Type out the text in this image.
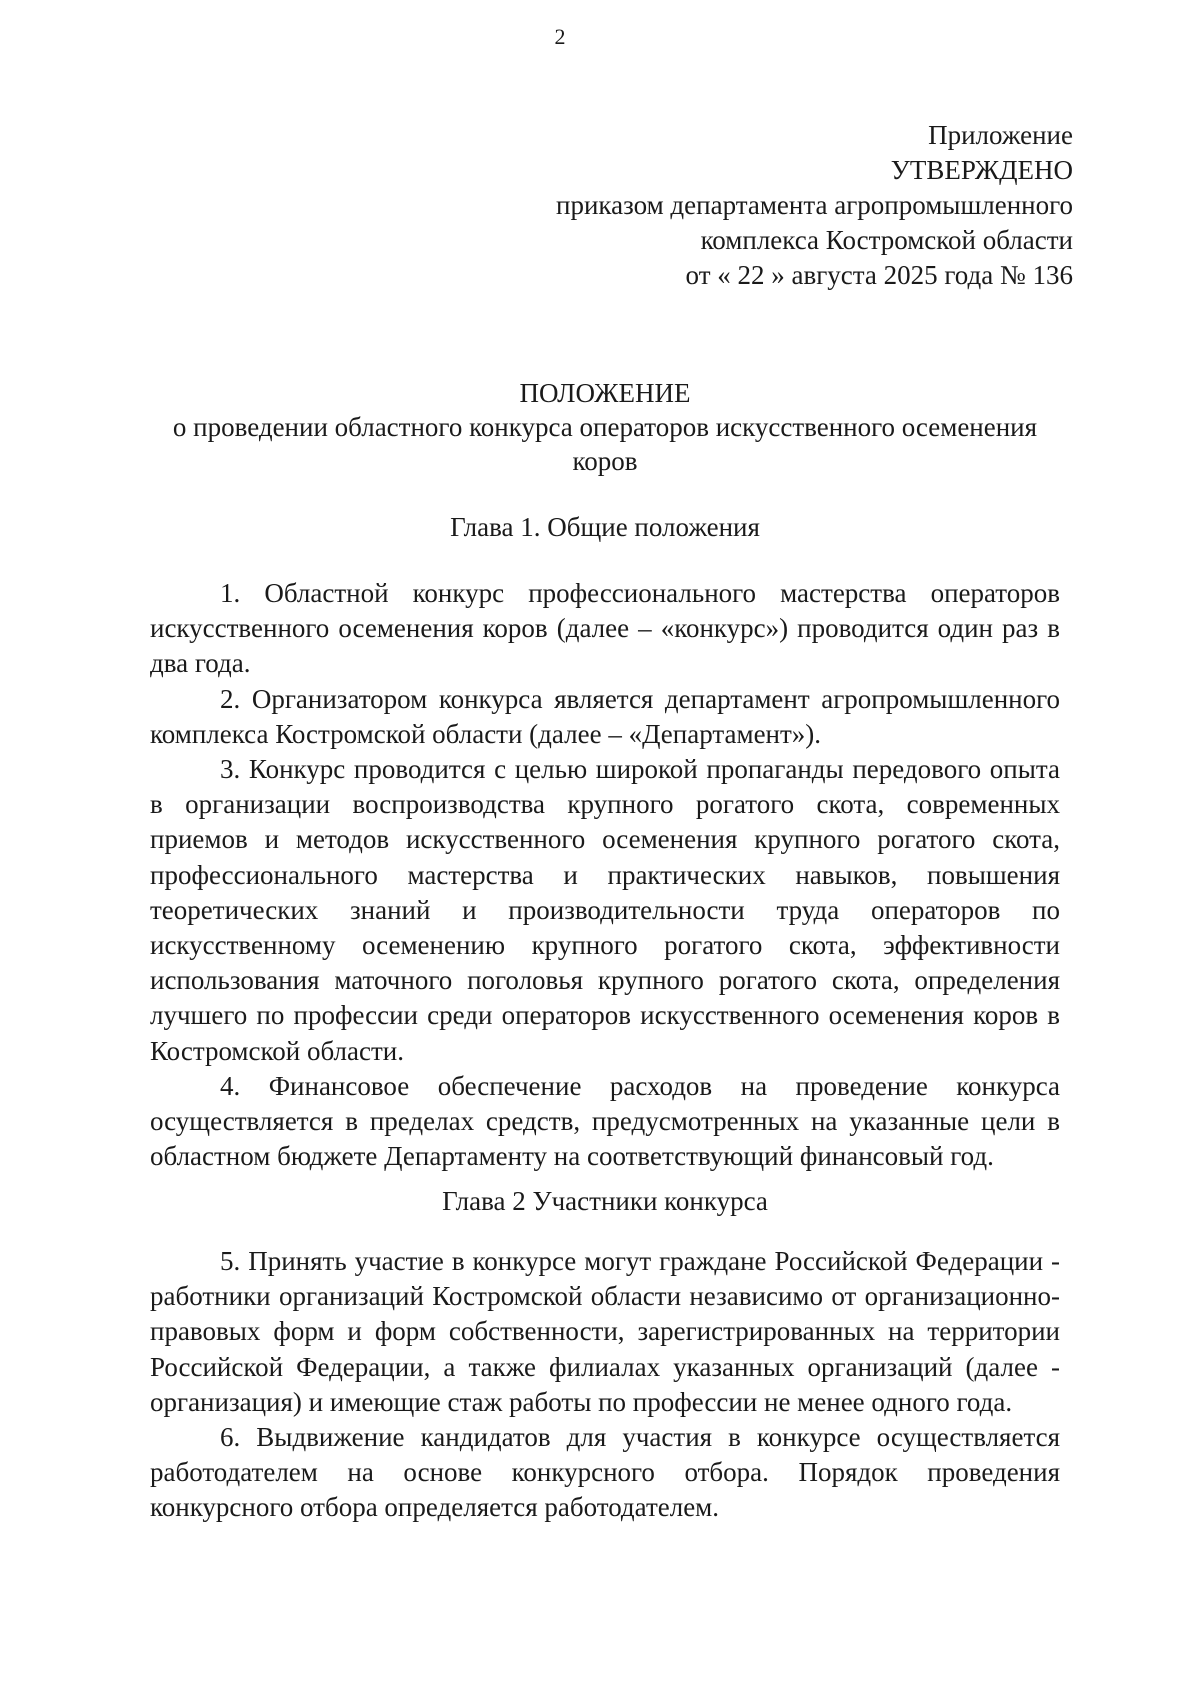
2
Приложение
УТВЕРЖДЕНО
приказом департамента агропромышленного
комплекса Костромской области
от « 22 » августа 2025 года № 136
ПОЛОЖЕНИЕ
о проведении областного конкурса операторов искусственного осеменения
коров
Глава 1. Общие положения

1. Областной конкурс профессионального мастерства операторов искусственного осеменения коров (далее – «конкурс») проводится один раз в два года.

2. Организатором конкурса является департамент агропромышленного комплекса Костромской области (далее – «Департамент»).

3. Конкурс проводится с целью широкой пропаганды передового опыта в организации воспроизводства крупного рогатого скота, современных приемов и методов искусственного осеменения крупного рогатого скота, профессионального мастерства и практических навыков, повышения теоретических знаний и производительности труда операторов по искусственному осеменению крупного рогатого скота, эффективности использования маточного поголовья крупного рогатого скота, определения лучшего по профессии среди операторов искусственного осеменения коров в Костромской области.

4. Финансовое обеспечение расходов на проведение конкурса осуществляется в пределах средств, предусмотренных на указанные цели в областном бюджете Департаменту на соответствующий финансовый год.

Глава 2 Участники конкурса

5. Принять участие в конкурсе могут граждане Российской Федерации - работники организаций Костромской области независимо от организационно-правовых форм и форм собственности, зарегистрированных на территории Российской Федерации, а также филиалах указанных организаций (далее - организация) и имеющие стаж работы по профессии не менее одного года.

6. Выдвижение кандидатов для участия в конкурсе осуществляется работодателем на основе конкурсного отбора. Порядок проведения конкурсного отбора определяется работодателем.
